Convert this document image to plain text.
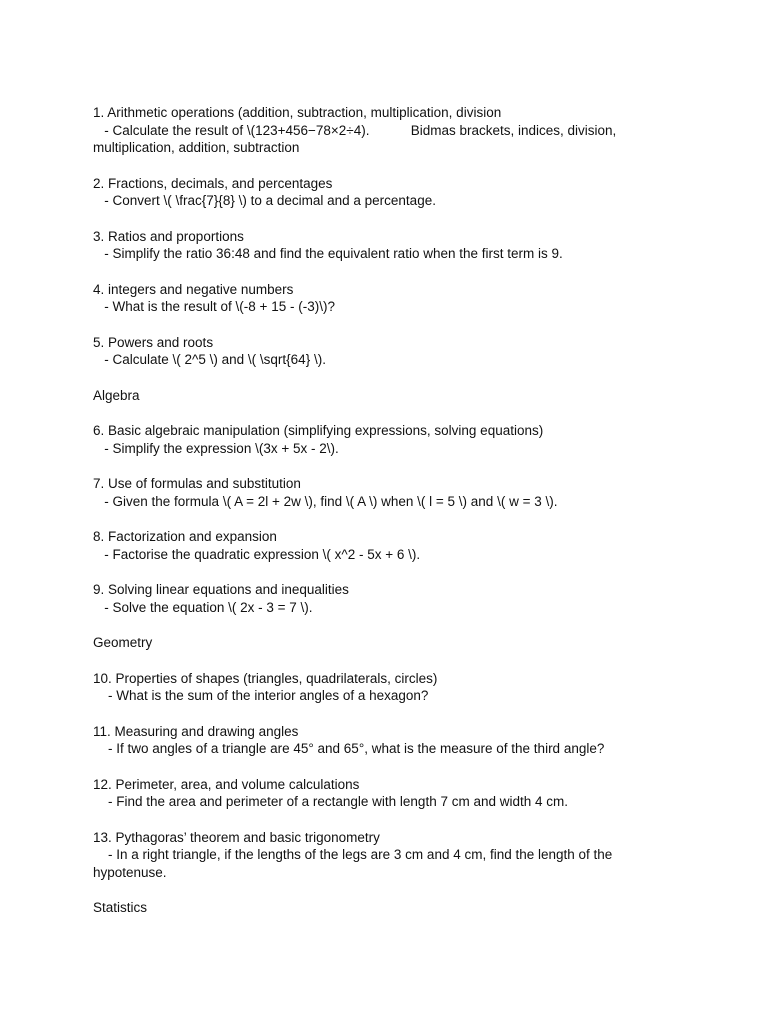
1. Arithmetic operations (addition, subtraction, multiplication, division
- Calculate the result of \(123+456−78×2÷4).           Bidmas brackets, indices, division, multiplication, addition, subtraction
2. Fractions, decimals, and percentages
- Convert \( \frac{7}{8} \) to a decimal and a percentage.
3. Ratios and proportions
- Simplify the ratio 36:48 and find the equivalent ratio when the first term is 9.
4. integers and negative numbers
- What is the result of \(-8 + 15 - (-3)\)?
5. Powers and roots
- Calculate \( 2^5 \) and \( \sqrt{64} \).
Algebra
6. Basic algebraic manipulation (simplifying expressions, solving equations)
- Simplify the expression \(3x + 5x - 2\).
7. Use of formulas and substitution
- Given the formula \( A = 2l + 2w \), find \( A \) when \( l = 5 \) and \( w = 3 \).
8. Factorization and expansion
- Factorise the quadratic expression \( x^2 - 5x + 6 \).
9. Solving linear equations and inequalities
- Solve the equation \( 2x - 3 = 7 \).
Geometry
10. Properties of shapes (triangles, quadrilaterals, circles)
- What is the sum of the interior angles of a hexagon?
11. Measuring and drawing angles
- If two angles of a triangle are 45° and 65°, what is the measure of the third angle?
12. Perimeter, area, and volume calculations
- Find the area and perimeter of a rectangle with length 7 cm and width 4 cm.
13. Pythagoras’ theorem and basic trigonometry
- In a right triangle, if the lengths of the legs are 3 cm and 4 cm, find the length of the hypotenuse.
Statistics
